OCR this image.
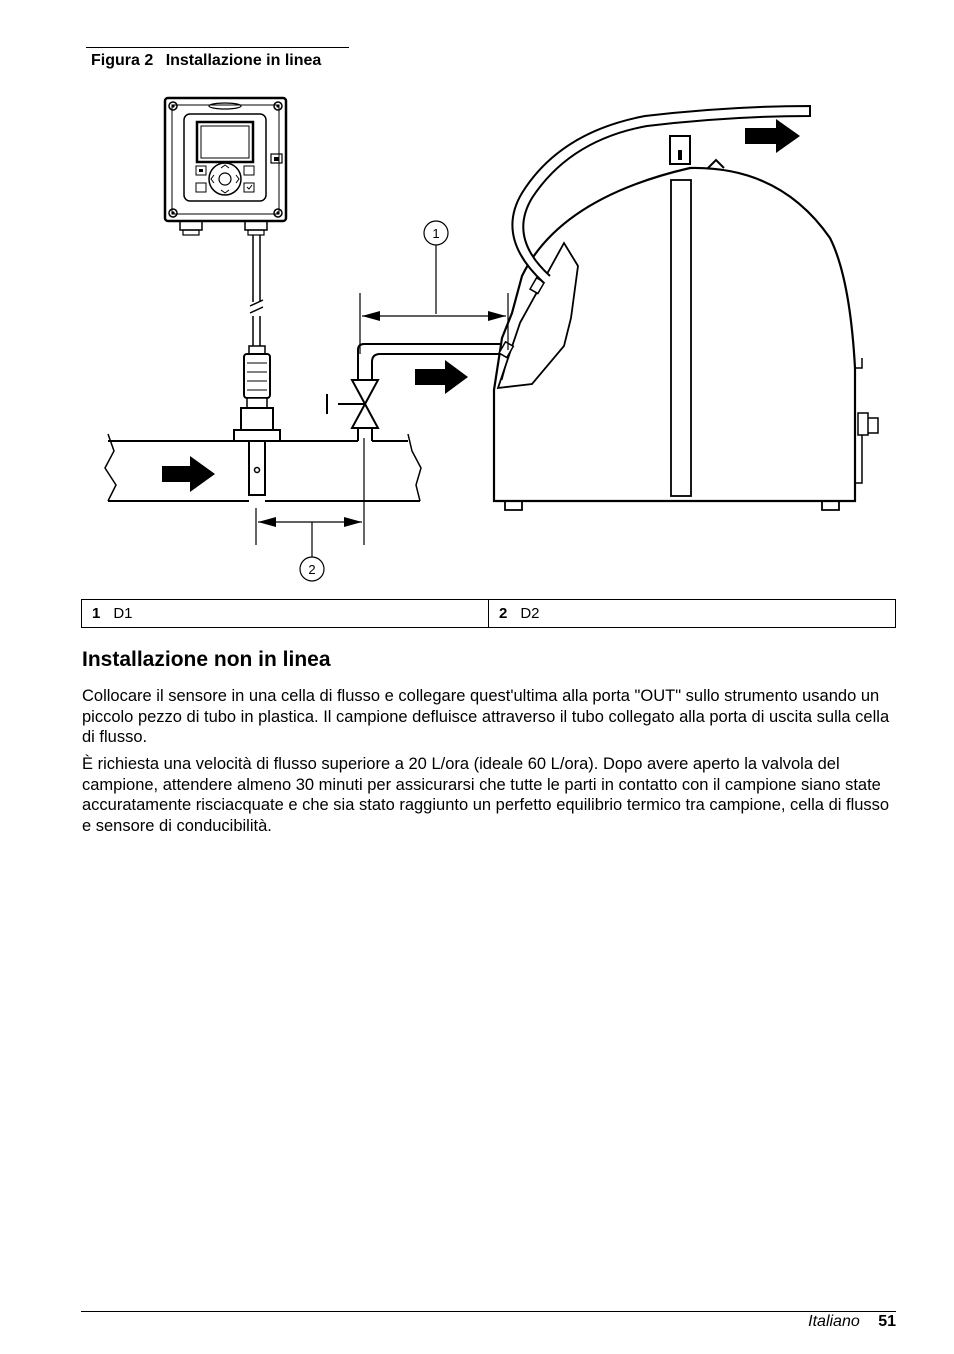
Figura 2 Installazione in linea
1
2
1 D1	2 D2
Installazione non in linea

Collocare il sensore in una cella di flusso e collegare quest'ultima alla porta "OUT" sullo strumento usando un piccolo pezzo di tubo in plastica. Il campione defluisce attraverso il tubo collegato alla porta di uscita sulla cella di flusso.

È richiesta una velocità di flusso superiore a 20 L/ora (ideale 60 L/ora). Dopo avere aperto la valvola del campione, attendere almeno 30 minuti per assicurarsi che tutte le parti in contatto con il campione siano state accuratamente risciacquate e che sia stato raggiunto un perfetto equilibrio termico tra campione, cella di flusso e sensore di conducibilità.

Italiano 51
